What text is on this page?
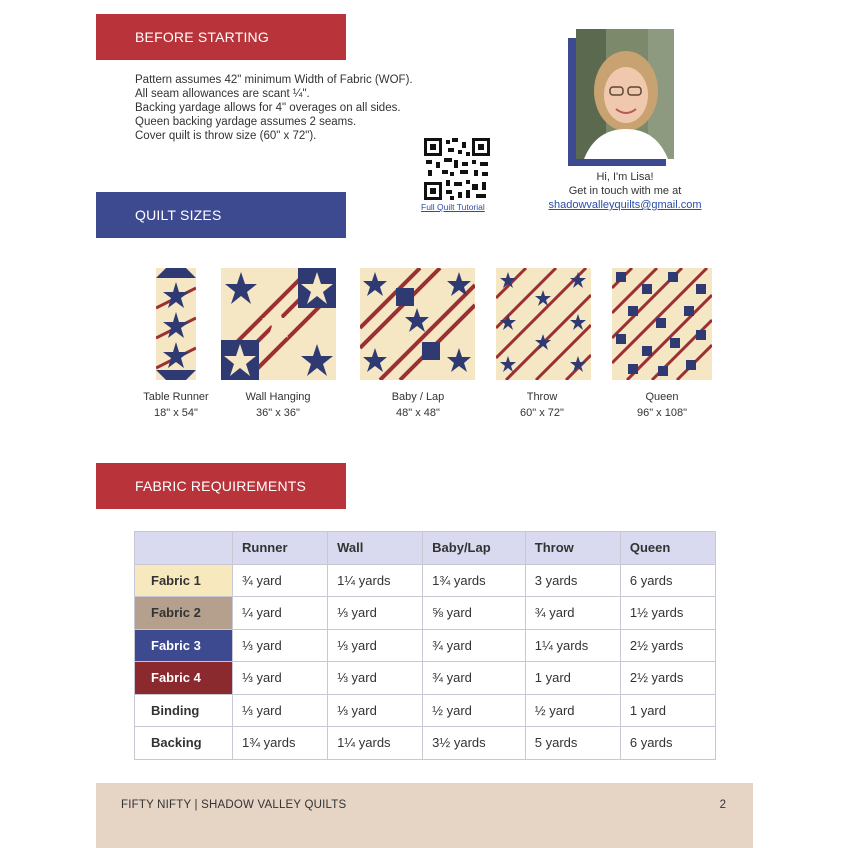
BEFORE STARTING
QUILT SIZES
FABRIC REQUIREMENTS
Pattern assumes 42" minimum Width of Fabric (WOF).
All seam allowances are scant ¼".
Backing yardage allows for 4" overages on all sides.
Queen backing yardage assumes 2 seams.
Cover quilt is throw size (60" x 72").
Full Quilt Tutorial
Hi, I'm Lisa!
Get in touch with me at
shadowvalleyquilts@gmail.com
Table Runner
18" x 54"
Wall Hanging
36" x 36"
Baby / Lap
48" x 48"
Throw
60" x 72"
Queen
96" x 108"
	Runner	Wall	Baby/Lap	Throw	Queen
Fabric 1	¾ yard	1¼ yards	1¾ yards	3 yards	6 yards
Fabric 2	¼ yard	⅓ yard	⅝ yard	¾ yard	1½ yards
Fabric 3	⅓ yard	⅓ yard	¾ yard	1¼ yards	2½ yards
Fabric 4	⅓ yard	⅓ yard	¾ yard	1 yard	2½ yards
Binding	⅓ yard	⅓ yard	½ yard	½ yard	1 yard
Backing	1¾ yards	1¼ yards	3½ yards	5 yards	6 yards
FIFTY NIFTY | SHADOW VALLEY QUILTS	2
